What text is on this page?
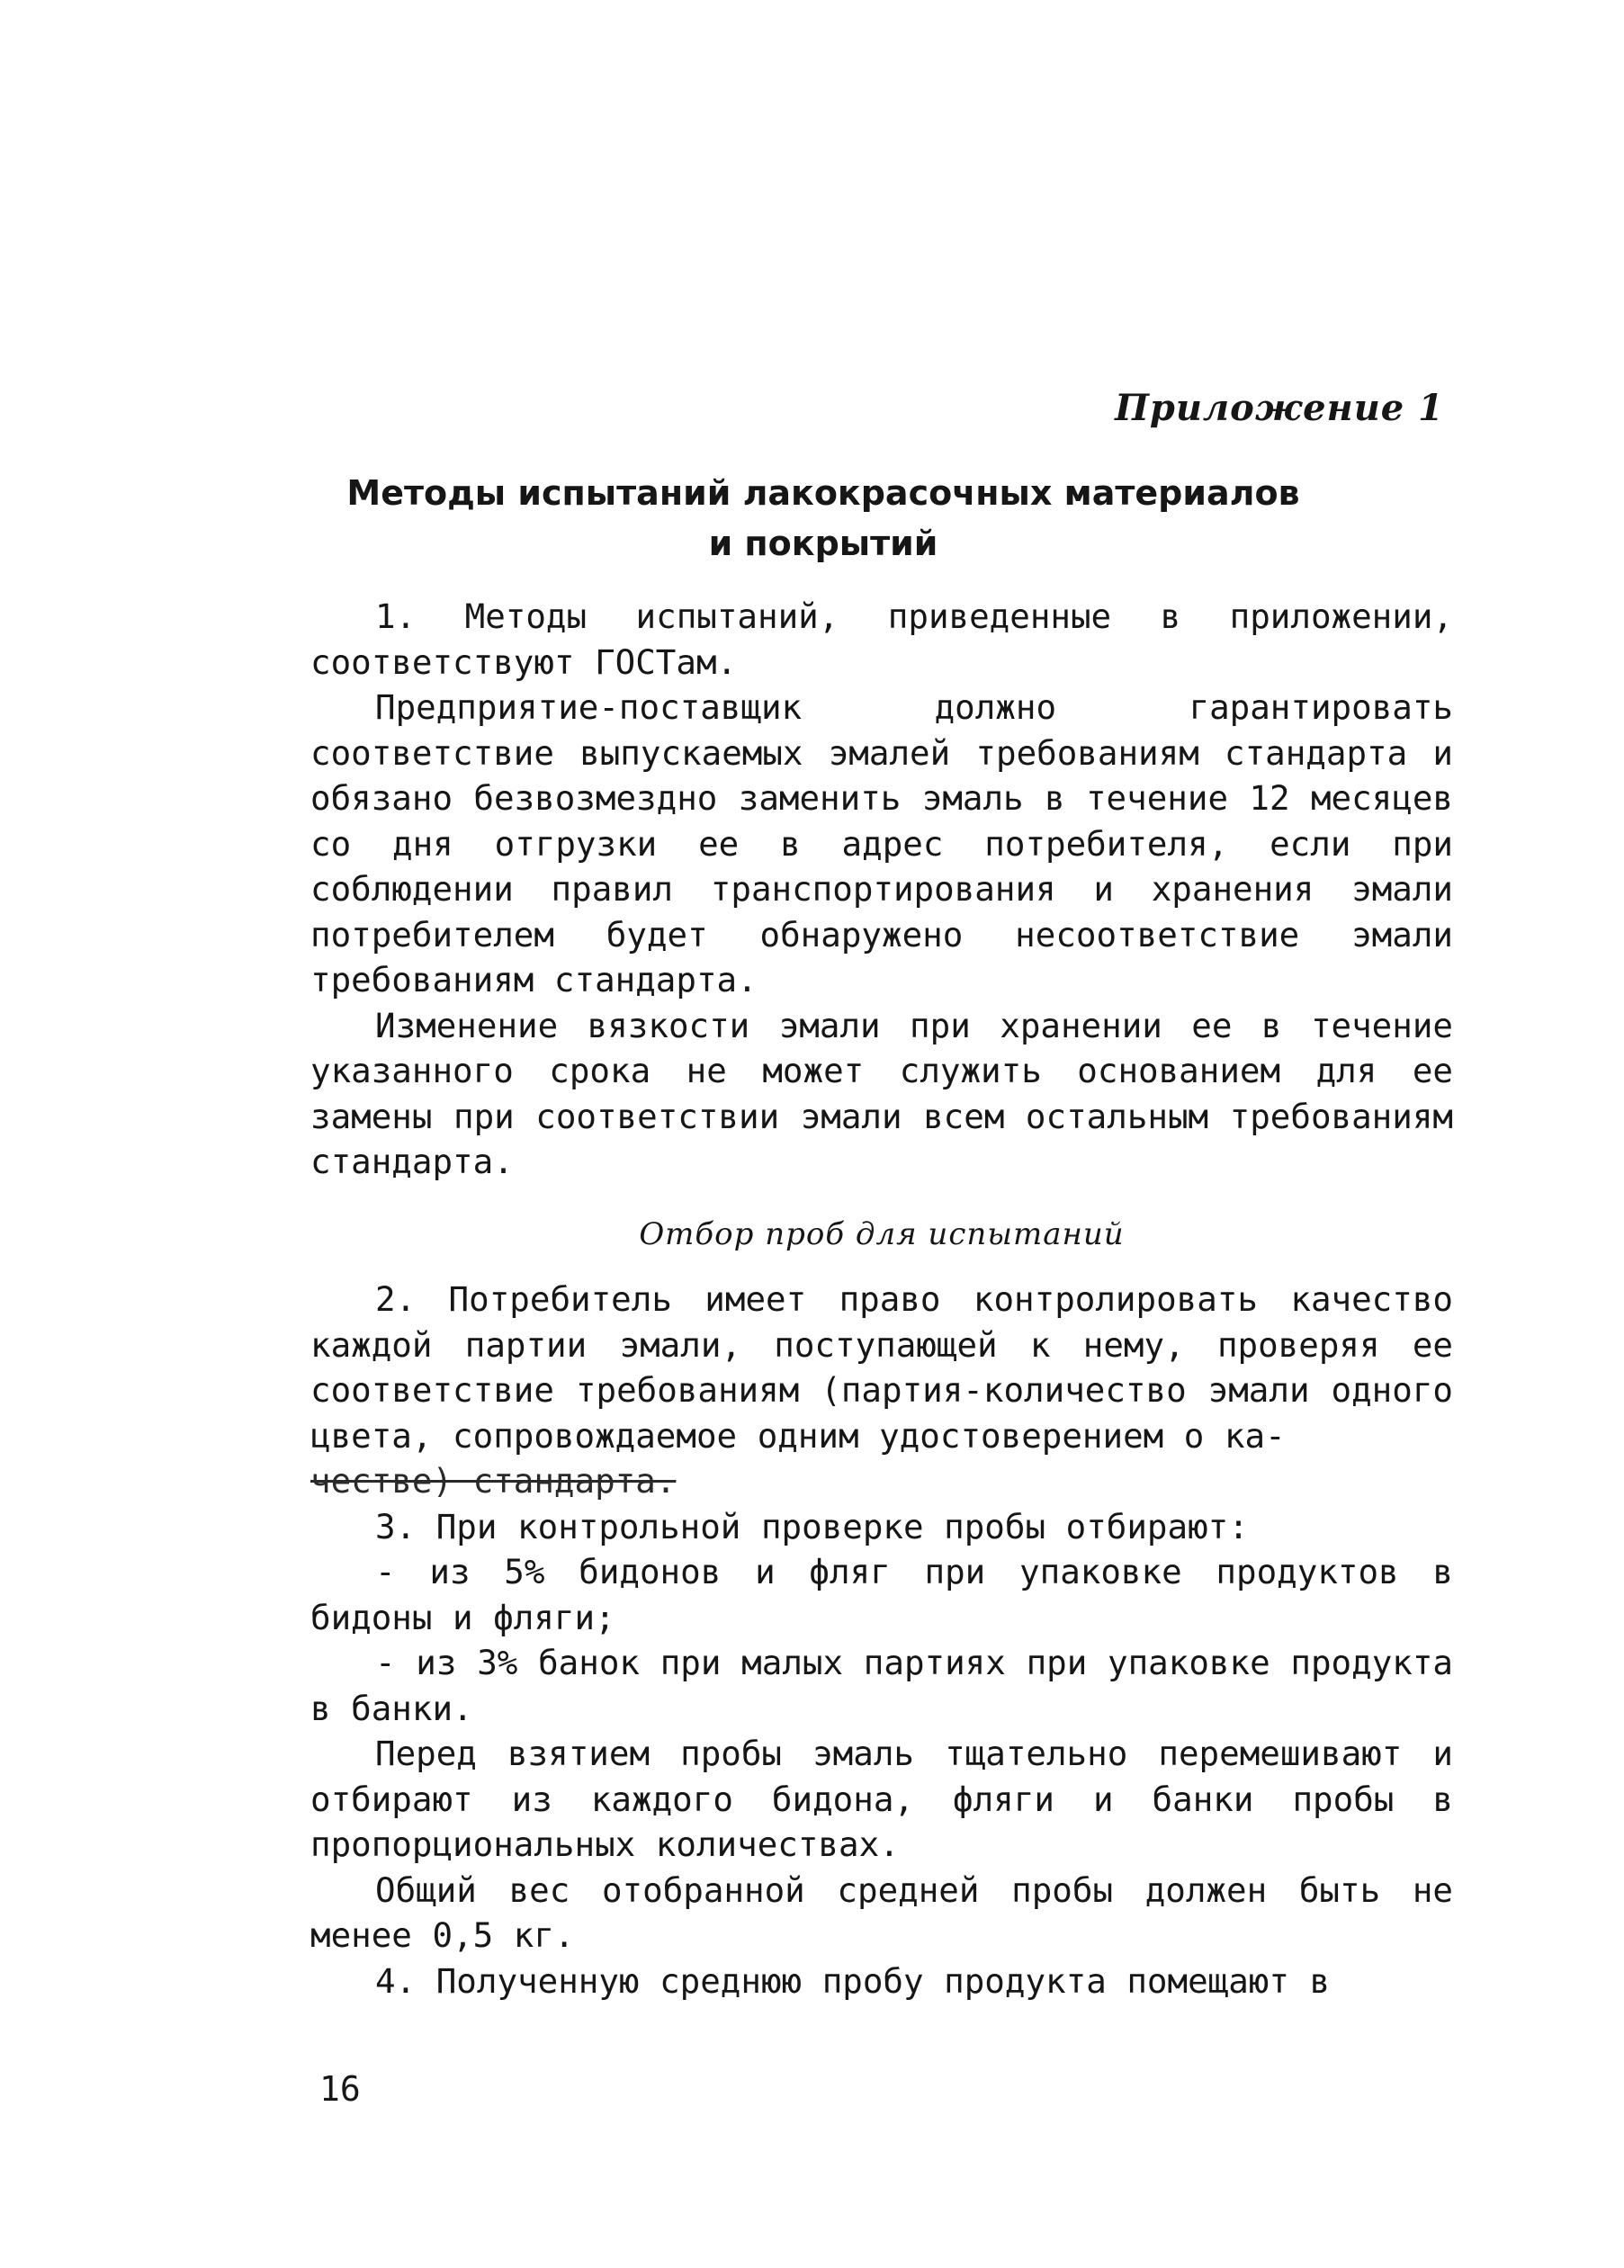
Приложение 1
Методы испытаний лакокрасочных материалов
и покрытий

1. Методы испытаний, приведенные в приложении, соответствуют ГОСТам.

Предприятие-поставщик должно гарантировать соответствие выпускаемых эмалей требованиям стандарта и обязано безвозмездно заменить эмаль в течение 12 месяцев со дня отгрузки ее в адрес потребителя, если при соблюдении правил транспортирования и хранения эмали потребителем будет обнаружено несоответствие эмали требованиям стандарта.

Изменение вязкости эмали при хранении ее в течение указанного срока не может служить основанием для ее замены при соответствии эмали всем остальным требованиям стандарта.

Отбор проб для испытаний

2. Потребитель имеет право контролировать качество каждой партии эмали, поступающей к нему, проверяя ее соответствие требованиям (партия-количество эмали одного цвета, сопровождаемое одним удостоверением о ка-
честве) стандарта.

3. При контрольной проверке пробы отбирают:

- из 5% бидонов и фляг при упаковке продуктов в бидоны и фляги;

- из 3% банок при малых партиях при упаковке продукта в банки.

Перед взятием пробы эмаль тщательно перемешивают и отбирают из каждого бидона, фляги и банки пробы в пропорциональных количествах.

Общий вес отобранной средней пробы должен быть не менее 0,5 кг.

4. Полученную среднюю пробу продукта помещают в

16
